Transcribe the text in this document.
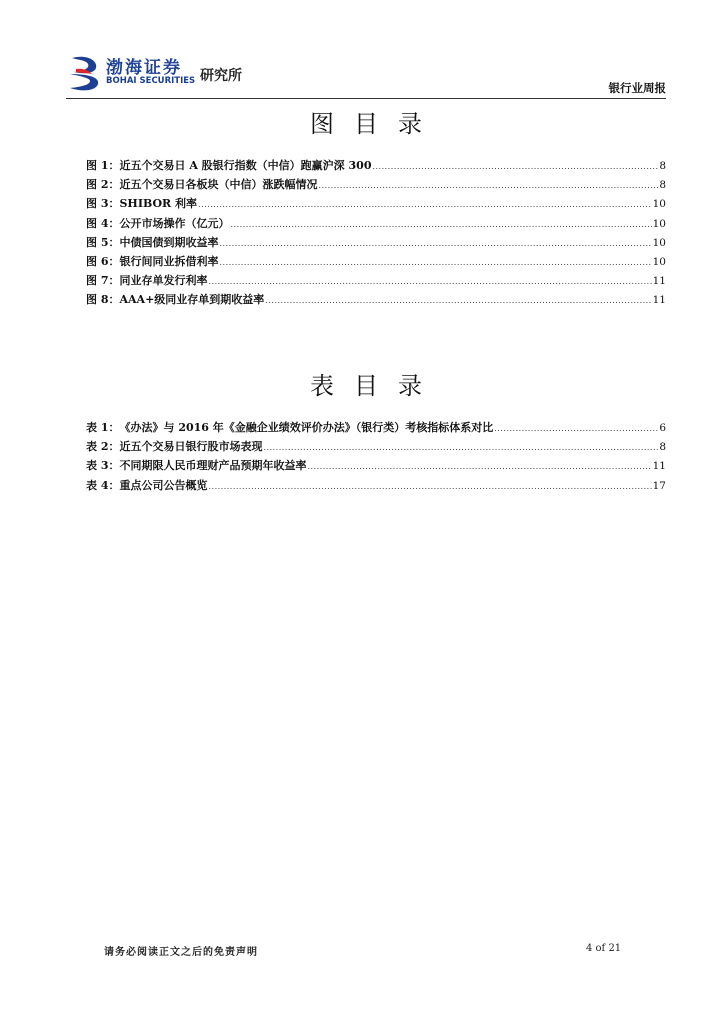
渤海证券
BOHAI SECURITIES 研究所
银行业周报
图目录
图 1 ： 近五个交易日 A 股银行指数（中信）跑赢沪深 300 .....	8
图 2 ： 近五个交易日各板块（中信）涨跌幅情况 .....	8
图 3 ： SHIBOR 利率 .....	10
图 4 ： 公开市场操作（亿元） .....	10
图 5 ： 中债国债到期收益率 .....	10
图 6 ： 银行间同业拆借利率 .....	10
图 7 ： 同业存单发行利率 .....	11
图 8 ： AAA+级同业存单到期收益率 .....	11
表目录
表 1 ： 《办法》与 2016 年《金融企业绩效评价办法》（银行类）考核指标体系对比 .....	6
表 2 ： 近五个交易日银行股市场表现 .....	8
表 3 ： 不同期限人民币理财产品预期年收益率 .....	11
表 4 ： 重点公司公告概览 .....	17
请务必阅读正文之后的免责声明	4 of 21
